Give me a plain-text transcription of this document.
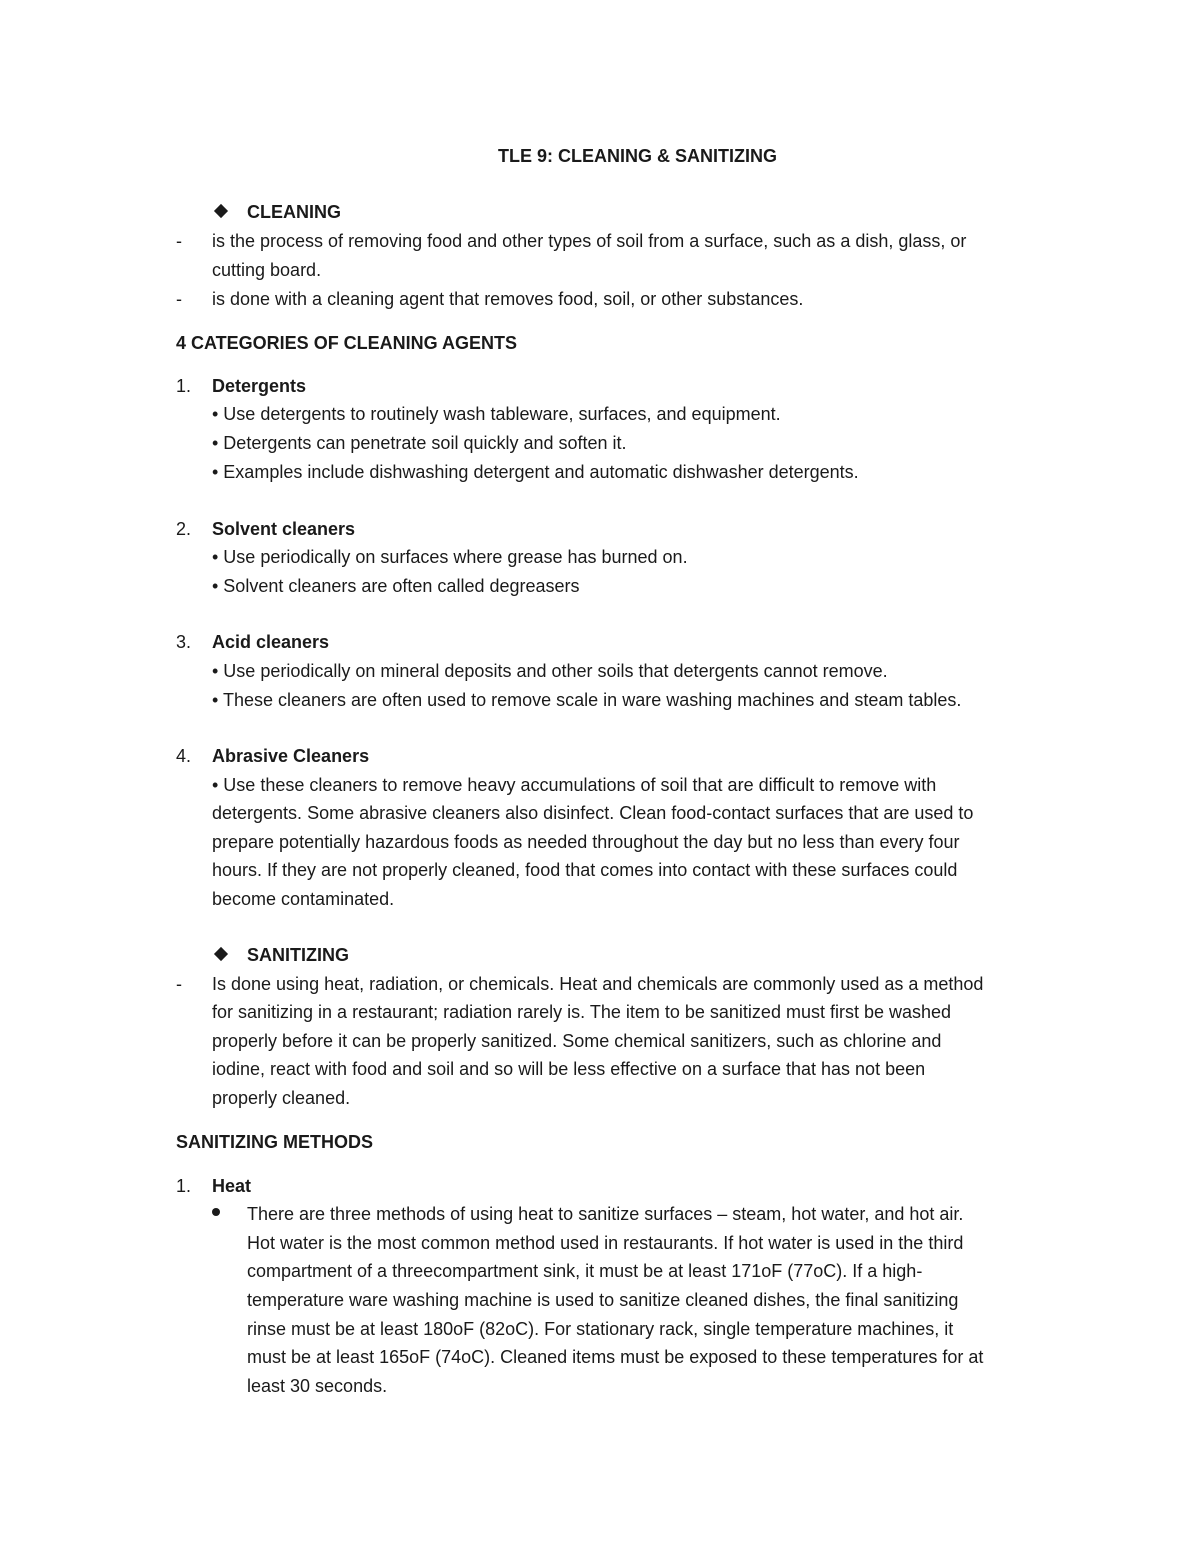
TLE 9: CLEANING & SANITIZING
CLEANING
- is the process of removing food and other types of soil from a surface, such as a dish, glass, or
cutting board.
- is done with a cleaning agent that removes food, soil, or other substances.
4 CATEGORIES OF CLEANING AGENTS
1. Detergents
• Use detergents to routinely wash tableware, surfaces, and equipment.
• Detergents can penetrate soil quickly and soften it.
• Examples include dishwashing detergent and automatic dishwasher detergents.
2. Solvent cleaners
• Use periodically on surfaces where grease has burned on.
• Solvent cleaners are often called degreasers
3. Acid cleaners
• Use periodically on mineral deposits and other soils that detergents cannot remove.
• These cleaners are often used to remove scale in ware washing machines and steam tables.
4. Abrasive Cleaners
• Use these cleaners to remove heavy accumulations of soil that are difficult to remove with
detergents. Some abrasive cleaners also disinfect. Clean food-contact surfaces that are used to
prepare potentially hazardous foods as needed throughout the day but no less than every four
hours. If they are not properly cleaned, food that comes into contact with these surfaces could
become contaminated.
SANITIZING
- Is done using heat, radiation, or chemicals. Heat and chemicals are commonly used as a method
for sanitizing in a restaurant; radiation rarely is. The item to be sanitized must first be washed
properly before it can be properly sanitized. Some chemical sanitizers, such as chlorine and
iodine, react with food and soil and so will be less effective on a surface that has not been
properly cleaned.
SANITIZING METHODS
1. Heat
There are three methods of using heat to sanitize surfaces – steam, hot water, and hot air.
Hot water is the most common method used in restaurants. If hot water is used in the third
compartment of a threecompartment sink, it must be at least 171oF (77oC). If a high-
temperature ware washing machine is used to sanitize cleaned dishes, the final sanitizing
rinse must be at least 180oF (82oC). For stationary rack, single temperature machines, it
must be at least 165oF (74oC). Cleaned items must be exposed to these temperatures for at
least 30 seconds.
